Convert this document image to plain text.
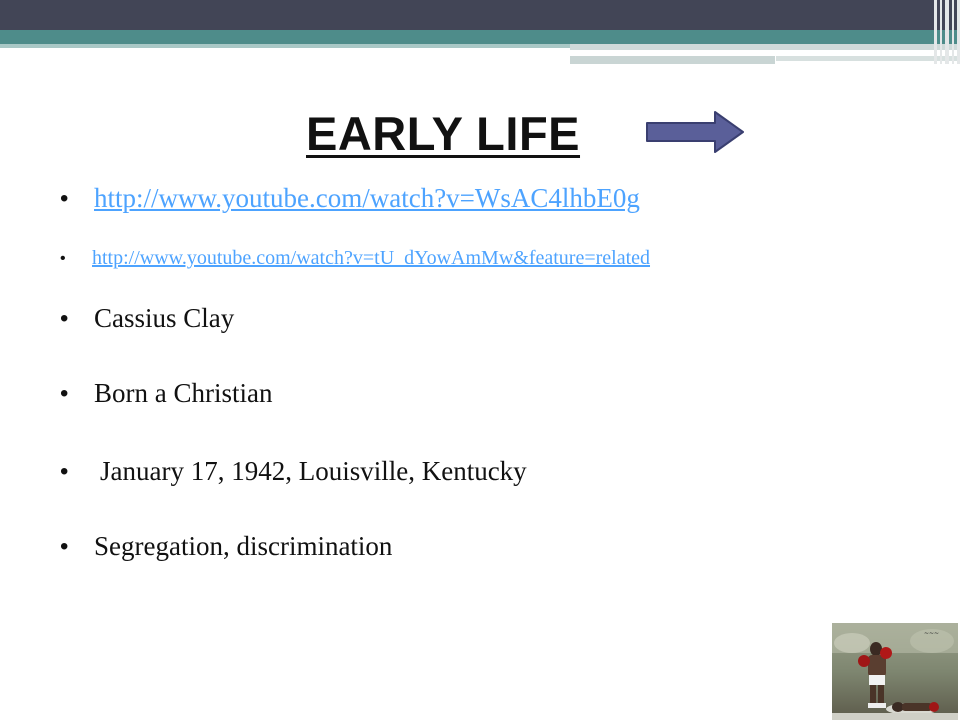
EARLY LIFE
• http://www.youtube.com/watch?v=WsAC4lhbE0g
• http://www.youtube.com/watch?v=tU_dYowAmMw&feature=related
• Cassius Clay
• Born a Christian
• January 17, 1942, Louisville, Kentucky
• Segregation, discrimination
~~~
